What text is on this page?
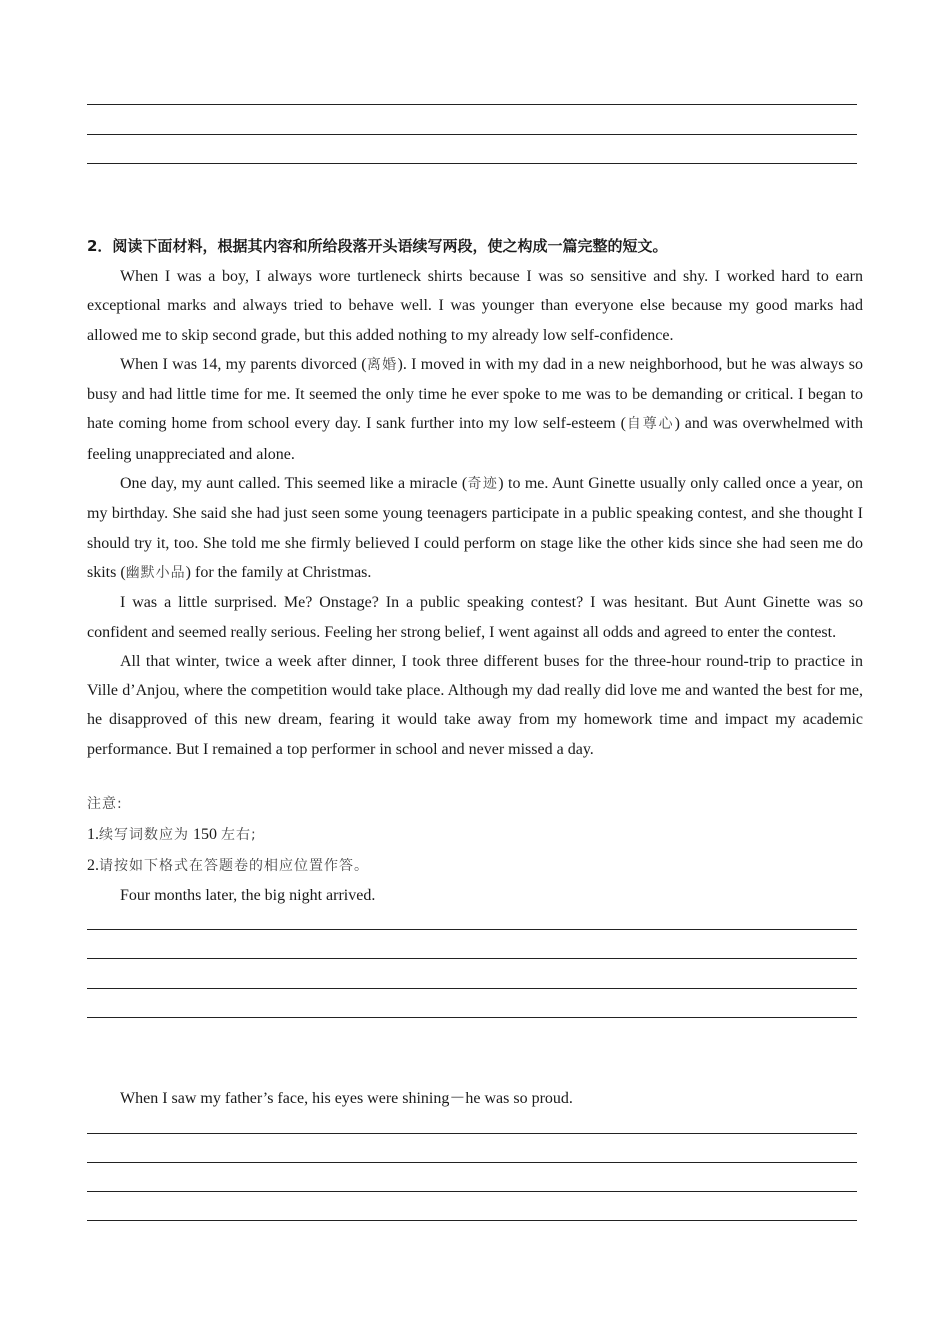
2．阅读下面材料，根据其内容和所给段落开头语续写两段，使之构成一篇完整的短文。

When I was a boy, I always wore turtleneck shirts because I was so sensitive and shy. I worked hard to earn exceptional marks and always tried to behave well. I was younger than everyone else because my good marks had allowed me to skip second grade, but this added nothing to my already low self-confidence.

When I was 14, my parents divorced (离婚). I moved in with my dad in a new neighborhood, but he was always so busy and had little time for me. It seemed the only time he ever spoke to me was to be demanding or critical. I began to hate coming home from school every day. I sank further into my low self-esteem (自尊心) and was overwhelmed with feeling unappreciated and alone.

One day, my aunt called. This seemed like a miracle (奇迹) to me. Aunt Ginette usually only called once a year, on my birthday. She said she had just seen some young teenagers participate in a public speaking contest, and she thought I should try it, too. She told me she firmly believed I could perform on stage like the other kids since she had seen me do skits (幽默小品) for the family at Christmas.

I was a little surprised. Me? Onstage? In a public speaking contest? I was hesitant. But Aunt Ginette was so confident and seemed really serious. Feeling her strong belief, I went against all odds and agreed to enter the contest.

All that winter, twice a week after dinner, I took three different buses for the three-hour round-trip to practice in Ville d’Anjou, where the competition would take place. Although my dad really did love me and wanted the best for me, he disapproved of this new dream, fearing it would take away from my homework time and impact my academic performance. But I remained a top performer in school and never missed a day.

注意:
1.续写词数应为 150 左右;
2.请按如下格式在答题卷的相应位置作答。
Four months later, the big night arrived.
When I saw my father’s face, his eyes were shining－he was so proud.
